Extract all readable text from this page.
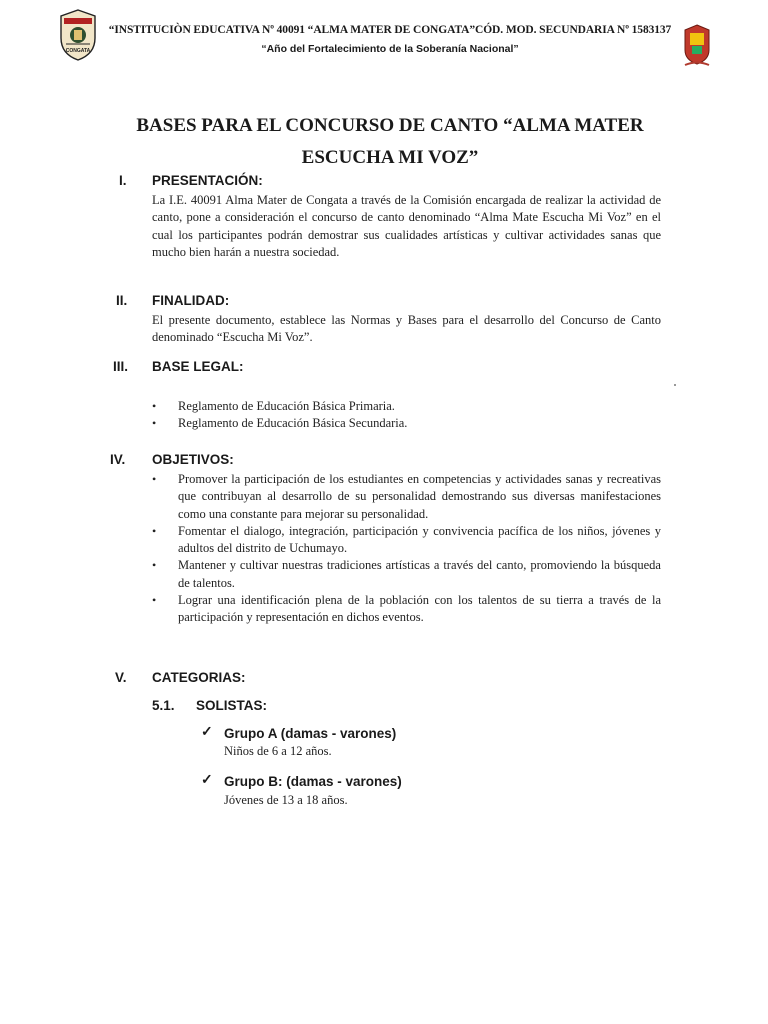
CONGATA
“INSTITUCIÒN EDUCATIVA Nº 40091 “ALMA MATER DE CONGATA”CÓD. MOD. SECUNDARIA Nº 1583137
“Año del Fortalecimiento de la Soberanía Nacional”
BASES PARA EL CONCURSO DE CANTO “ALMA MATER
ESCUCHA MI VOZ”
I.	PRESENTACIÓN:

La I.E. 40091 Alma Mater de Congata a través de la Comisión encargada de realizar la actividad de canto, pone a consideración el concurso de canto denominado “Alma Mate Escucha Mi Voz” en el cual los participantes podrán demostrar sus cualidades artísticas y cultivar actividades sanas que mucho bien harán a nuestra sociedad.

II.	FINALIDAD:

El presente documento, establece las Normas y Bases para el desarrollo del Concurso de Canto denominado “Escucha Mi Voz”.

III.	BASE LEGAL:
• Reglamento de Educación Básica Primaria.
• Reglamento de Educación Básica Secundaria.
IV.	OBJETIVOS:
• Promover la participación de los estudiantes en competencias y actividades sanas y recreativas que contribuyan al desarrollo de su personalidad demostrando sus diversas manifestaciones como una constante para mejorar su personalidad.
• Fomentar el dialogo, integración, participación y convivencia pacífica de los niños, jóvenes y adultos del distrito de Uchumayo.
• Mantener y cultivar nuestras tradiciones artísticas a través del canto, promoviendo la búsqueda de talentos.
• Lograr una identificación plena de la población con los talentos de su tierra a través de la participación y representación en dichos eventos.
V.	CATEGORIAS:
5.1. SOLISTAS:
✓ Grupo A (damas - varones)
Niños de 6 a 12 años.
✓ Grupo B: (damas - varones)
Jóvenes de 13 a 18 años.
